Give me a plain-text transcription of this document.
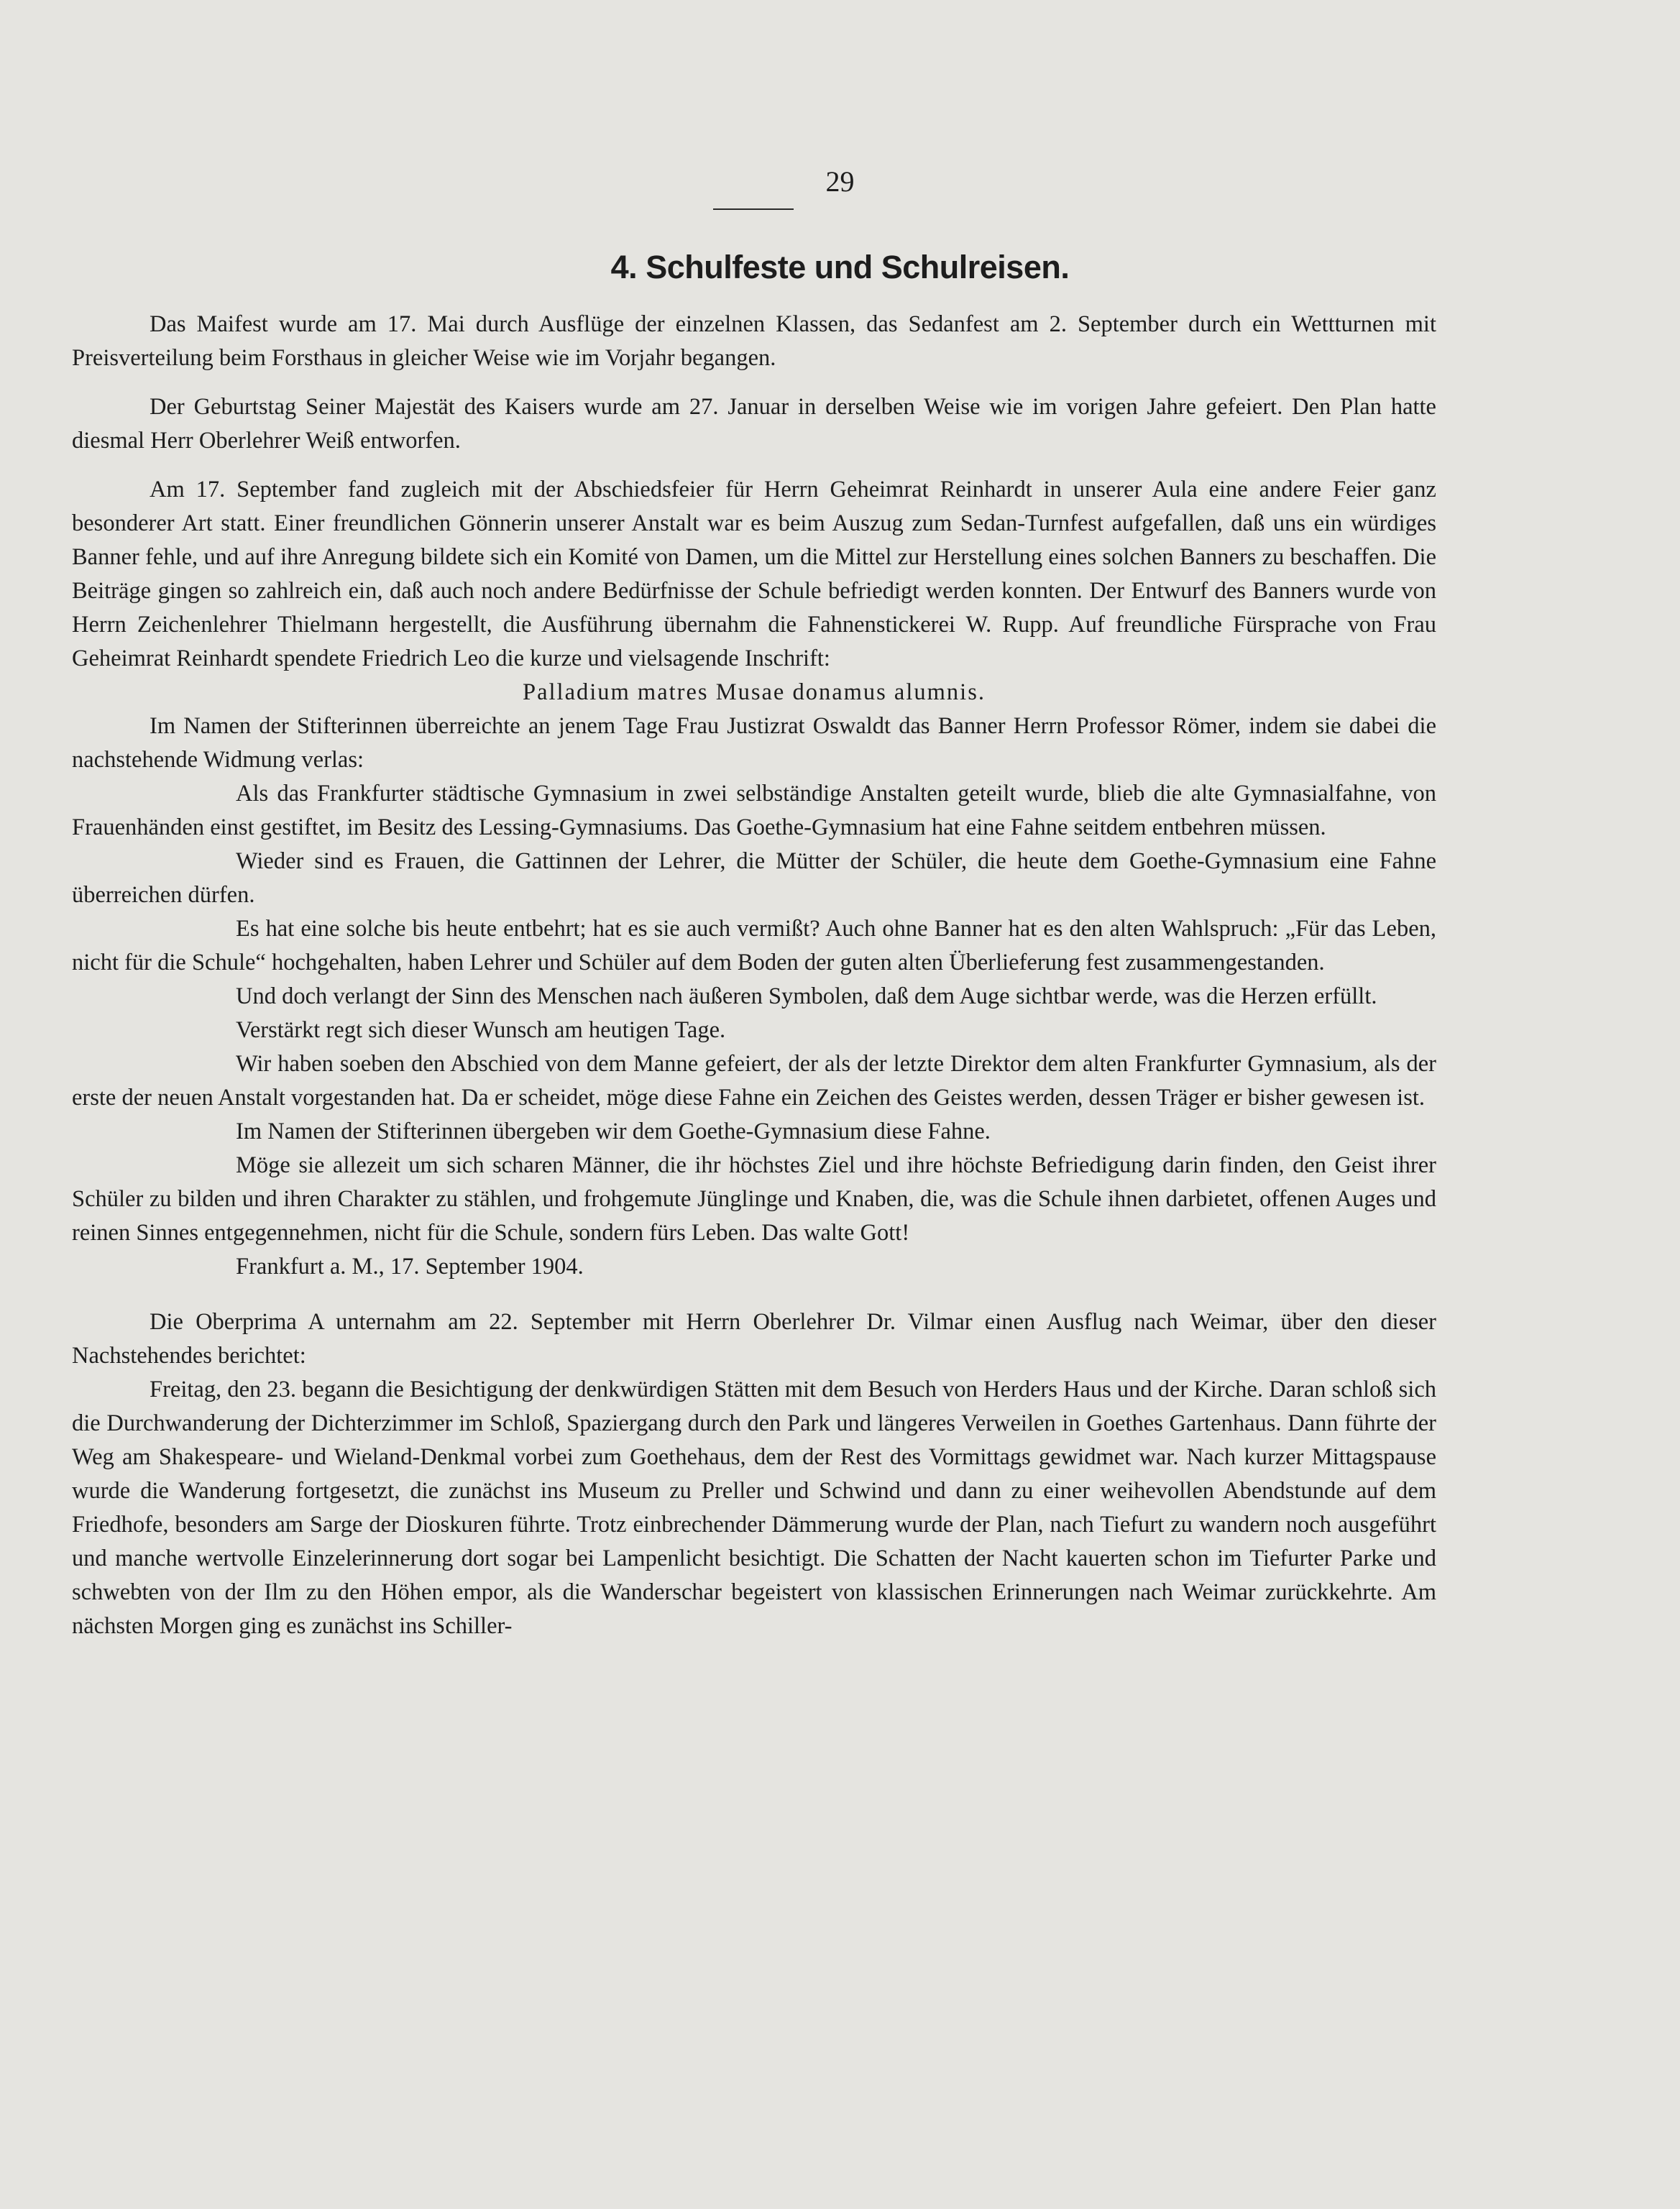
29
4. Schulfeste und Schulreisen.

Das Maifest wurde am 17. Mai durch Ausflüge der einzelnen Klassen, das Sedanfest am 2. September durch ein Wettturnen mit Preisverteilung beim Forsthaus in gleicher Weise wie im Vorjahr begangen.

Der Geburtstag Seiner Majestät des Kaisers wurde am 27. Januar in derselben Weise wie im vorigen Jahre gefeiert. Den Plan hatte diesmal Herr Oberlehrer Weiß entworfen.

Am 17. September fand zugleich mit der Abschiedsfeier für Herrn Geheimrat Reinhardt in unserer Aula eine andere Feier ganz besonderer Art statt. Einer freundlichen Gönnerin unserer Anstalt war es beim Auszug zum Sedan-Turnfest aufgefallen, daß uns ein würdiges Banner fehle, und auf ihre Anregung bildete sich ein Komité von Damen, um die Mittel zur Herstellung eines solchen Banners zu beschaffen. Die Beiträge gingen so zahlreich ein, daß auch noch andere Bedürfnisse der Schule befriedigt werden konnten. Der Entwurf des Banners wurde von Herrn Zeichenlehrer Thielmann hergestellt, die Ausführung übernahm die Fahnenstickerei W. Rupp. Auf freundliche Fürsprache von Frau Geheimrat Reinhardt spendete Friedrich Leo die kurze und vielsagende Inschrift:

Palladium matres Musae donamus alumnis.

Im Namen der Stifterinnen überreichte an jenem Tage Frau Justizrat Oswaldt das Banner Herrn Professor Römer, indem sie dabei die nachstehende Widmung verlas:

Als das Frankfurter städtische Gymnasium in zwei selbständige Anstalten geteilt wurde, blieb die alte Gymnasialfahne, von Frauenhänden einst gestiftet, im Besitz des Lessing-Gymnasiums. Das Goethe-Gymnasium hat eine Fahne seitdem entbehren müssen.

Wieder sind es Frauen, die Gattinnen der Lehrer, die Mütter der Schüler, die heute dem Goethe-Gymnasium eine Fahne überreichen dürfen.

Es hat eine solche bis heute entbehrt; hat es sie auch vermißt? Auch ohne Banner hat es den alten Wahlspruch: „Für das Leben, nicht für die Schule“ hochgehalten, haben Lehrer und Schüler auf dem Boden der guten alten Überlieferung fest zusammengestanden.

Und doch verlangt der Sinn des Menschen nach äußeren Symbolen, daß dem Auge sichtbar werde, was die Herzen erfüllt.

Verstärkt regt sich dieser Wunsch am heutigen Tage.

Wir haben soeben den Abschied von dem Manne gefeiert, der als der letzte Direktor dem alten Frankfurter Gymnasium, als der erste der neuen Anstalt vorgestanden hat. Da er scheidet, möge diese Fahne ein Zeichen des Geistes werden, dessen Träger er bisher gewesen ist.

Im Namen der Stifterinnen übergeben wir dem Goethe-Gymnasium diese Fahne.

Möge sie allezeit um sich scharen Männer, die ihr höchstes Ziel und ihre höchste Befriedigung darin finden, den Geist ihrer Schüler zu bilden und ihren Charakter zu stählen, und frohgemute Jünglinge und Knaben, die, was die Schule ihnen darbietet, offenen Auges und reinen Sinnes entgegennehmen, nicht für die Schule, sondern fürs Leben. Das walte Gott!

Frankfurt a. M., 17. September 1904.

Die Oberprima A unternahm am 22. September mit Herrn Oberlehrer Dr. Vilmar einen Ausflug nach Weimar, über den dieser Nachstehendes berichtet:

Freitag, den 23. begann die Besichtigung der denkwürdigen Stätten mit dem Besuch von Herders Haus und der Kirche. Daran schloß sich die Durchwanderung der Dichterzimmer im Schloß, Spaziergang durch den Park und längeres Verweilen in Goethes Gartenhaus. Dann führte der Weg am Shakespeare- und Wieland-Denkmal vorbei zum Goethehaus, dem der Rest des Vormittags gewidmet war. Nach kurzer Mittagspause wurde die Wanderung fortgesetzt, die zunächst ins Museum zu Preller und Schwind und dann zu einer weihevollen Abendstunde auf dem Friedhofe, besonders am Sarge der Dioskuren führte. Trotz einbrechender Dämmerung wurde der Plan, nach Tiefurt zu wandern noch ausgeführt und manche wertvolle Einzelerinnerung dort sogar bei Lampenlicht besichtigt. Die Schatten der Nacht kauerten schon im Tiefurter Parke und schwebten von der Ilm zu den Höhen empor, als die Wanderschar begeistert von klassischen Erinnerungen nach Weimar zurückkehrte. Am nächsten Morgen ging es zunächst ins Schiller-
